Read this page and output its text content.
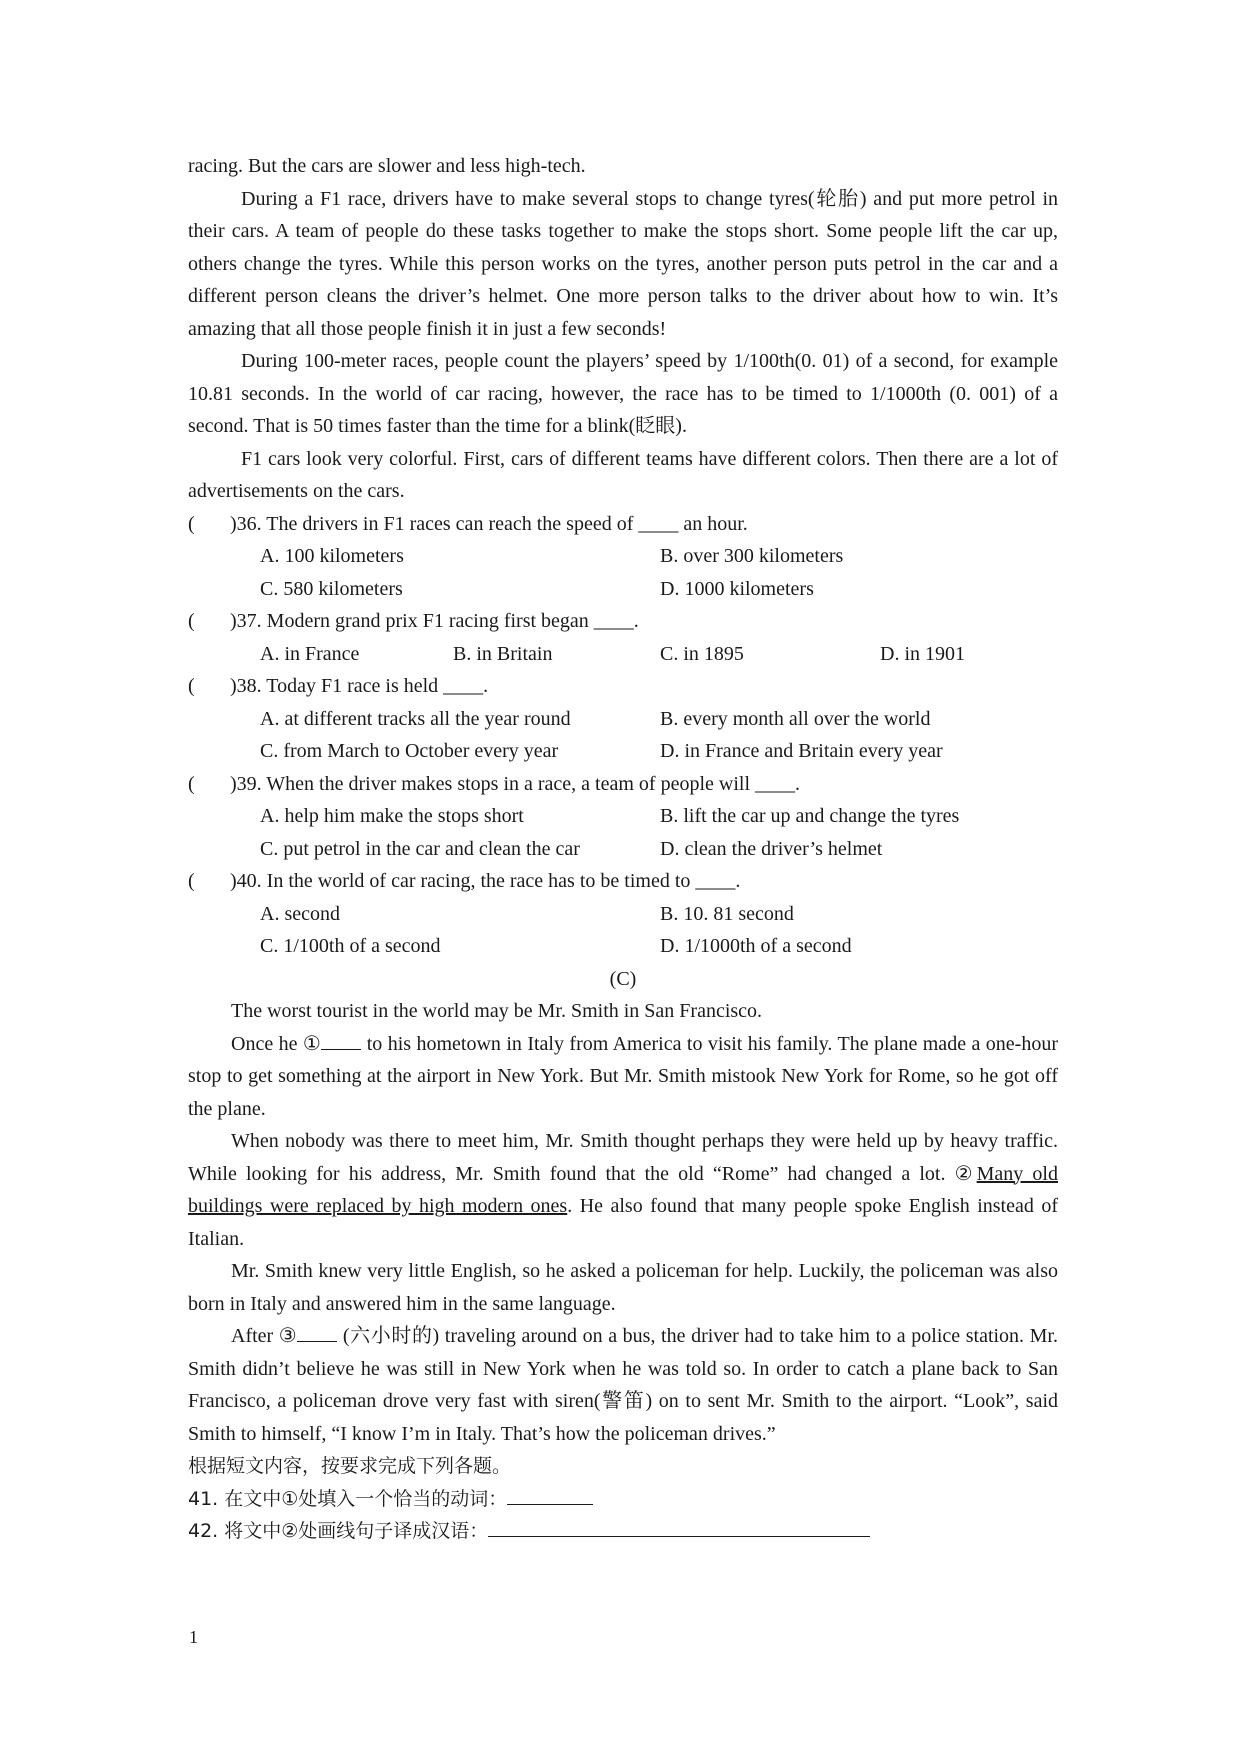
racing. But the cars are slower and less high-tech.

During a F1 race, drivers have to make several stops to change tyres(轮胎) and put more petrol in their cars. A team of people do these tasks together to make the stops short. Some people lift the car up, others change the tyres. While this person works on the tyres, another person puts petrol in the car and a different person cleans the driver’s helmet. One more person talks to the driver about how to win. It’s amazing that all those people finish it in just a few seconds!

During 100-meter races, people count the players’ speed by 1/100th(0. 01) of a second, for example 10.81 seconds. In the world of car racing, however, the race has to be timed to 1/1000th (0. 001) of a second. That is 50 times faster than the time for a blink(眨眼).

F1 cars look very colorful. First, cars of different teams have different colors. Then there are a lot of advertisements on the cars.

(	)36. The drivers in F1 races can reach the speed of ____ an hour.
A. 100 kilometers	B. over 300 kilometers
C. 580 kilometers	D. 1000 kilometers
(	)37. Modern grand prix F1 racing first began ____.
A. in France	B. in Britain	C. in 1895	D. in 1901
(	)38. Today F1 race is held ____.
A. at different tracks all the year round	B. every month all over the world
C. from March to October every year	D. in France and Britain every year
(	)39. When the driver makes stops in a race, a team of people will ____.
A. help him make the stops short	B. lift the car up and change the tyres
C. put petrol in the car and clean the car	D. clean the driver’s helmet
(	)40. In the world of car racing, the race has to be timed to ____.
A. second	B. 10. 81 second
C. 1/100th of a second	D. 1/1000th of a second

(C)

The worst tourist in the world may be Mr. Smith in San Francisco.

Once he ① to his hometown in Italy from America to visit his family. The plane made a one-hour stop to get something at the airport in New York. But Mr. Smith mistook New York for Rome, so he got off the plane.

When nobody was there to meet him, Mr. Smith thought perhaps they were held up by heavy traffic. While looking for his address, Mr. Smith found that the old “Rome” had changed a lot. ②Many old buildings were replaced by high modern ones. He also found that many people spoke English instead of Italian.

Mr. Smith knew very little English, so he asked a policeman for help. Luckily, the policeman was also born in Italy and answered him in the same language.

After ③ (六小时的) traveling around on a bus, the driver had to take him to a police station. Mr. Smith didn’t believe he was still in New York when he was told so. In order to catch a plane back to San Francisco, a policeman drove very fast with siren(警笛) on to sent Mr. Smith to the airport. “Look”, said Smith to himself, “I know I’m in Italy. That’s how the policeman drives.”

根据短文内容，按要求完成下列各题。

41. 在文中①处填入一个恰当的动词：

42. 将文中②处画线句子译成汉语：

1
